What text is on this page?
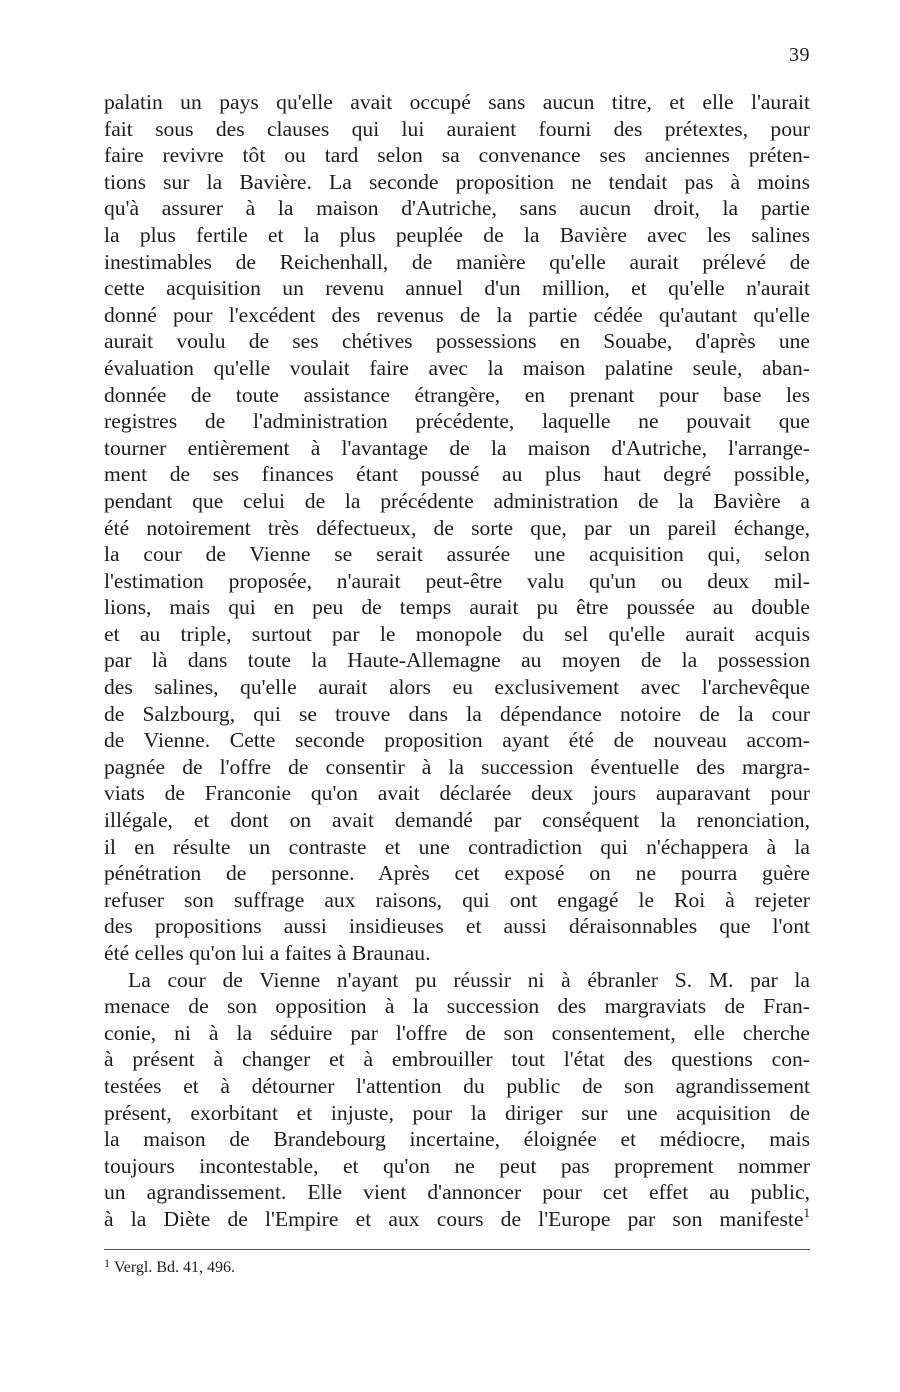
39

palatin un pays qu'elle avait occupé sans aucun titre, et elle l'aurait

fait sous des clauses qui lui auraient fourni des prétextes, pour

faire revivre tôt ou tard selon sa convenance ses anciennes préten-

tions sur la Bavière. La seconde proposition ne tendait pas à moins

qu'à assurer à la maison d'Autriche, sans aucun droit, la partie

la plus fertile et la plus peuplée de la Bavière avec les salines

inestimables de Reichenhall, de manière qu'elle aurait prélevé de

cette acquisition un revenu annuel d'un million, et qu'elle n'aurait

donné pour l'excédent des revenus de la partie cédée qu'autant qu'elle

aurait voulu de ses chétives possessions en Souabe, d'après une

évaluation qu'elle voulait faire avec la maison palatine seule, aban-

donnée de toute assistance étrangère, en prenant pour base les

registres de l'administration précédente, laquelle ne pouvait que

tourner entièrement à l'avantage de la maison d'Autriche, l'arrange-

ment de ses finances étant poussé au plus haut degré possible,

pendant que celui de la précédente administration de la Bavière a

été notoirement très défectueux, de sorte que, par un pareil échange,

la cour de Vienne se serait assurée une acquisition qui, selon

l'estimation proposée, n'aurait peut-être valu qu'un ou deux mil-

lions, mais qui en peu de temps aurait pu être poussée au double

et au triple, surtout par le monopole du sel qu'elle aurait acquis

par là dans toute la Haute-Allemagne au moyen de la possession

des salines, qu'elle aurait alors eu exclusivement avec l'archevêque

de Salzbourg, qui se trouve dans la dépendance notoire de la cour

de Vienne. Cette seconde proposition ayant été de nouveau accom-

pagnée de l'offre de consentir à la succession éventuelle des margra-

viats de Franconie qu'on avait déclarée deux jours auparavant pour

illégale, et dont on avait demandé par conséquent la renonciation,

il en résulte un contraste et une contradiction qui n'échappera à la

pénétration de personne. Après cet exposé on ne pourra guère

refuser son suffrage aux raisons, qui ont engagé le Roi à rejeter

des propositions aussi insidieuses et aussi déraisonnables que l'ont

été celles qu'on lui a faites à Braunau.

La cour de Vienne n'ayant pu réussir ni à ébranler S. M. par la

menace de son opposition à la succession des margraviats de Fran-

conie, ni à la séduire par l'offre de son consentement, elle cherche

à présent à changer et à embrouiller tout l'état des questions con-

testées et à détourner l'attention du public de son agrandissement

présent, exorbitant et injuste, pour la diriger sur une acquisition de

la maison de Brandebourg incertaine, éloignée et médiocre, mais

toujours incontestable, et qu'on ne peut pas proprement nommer

un agrandissement. Elle vient d'annoncer pour cet effet au public,

à la Diète de l'Empire et aux cours de l'Europe par son manifeste$^1$

$^1$ Vergl. Bd. 41, 496.
